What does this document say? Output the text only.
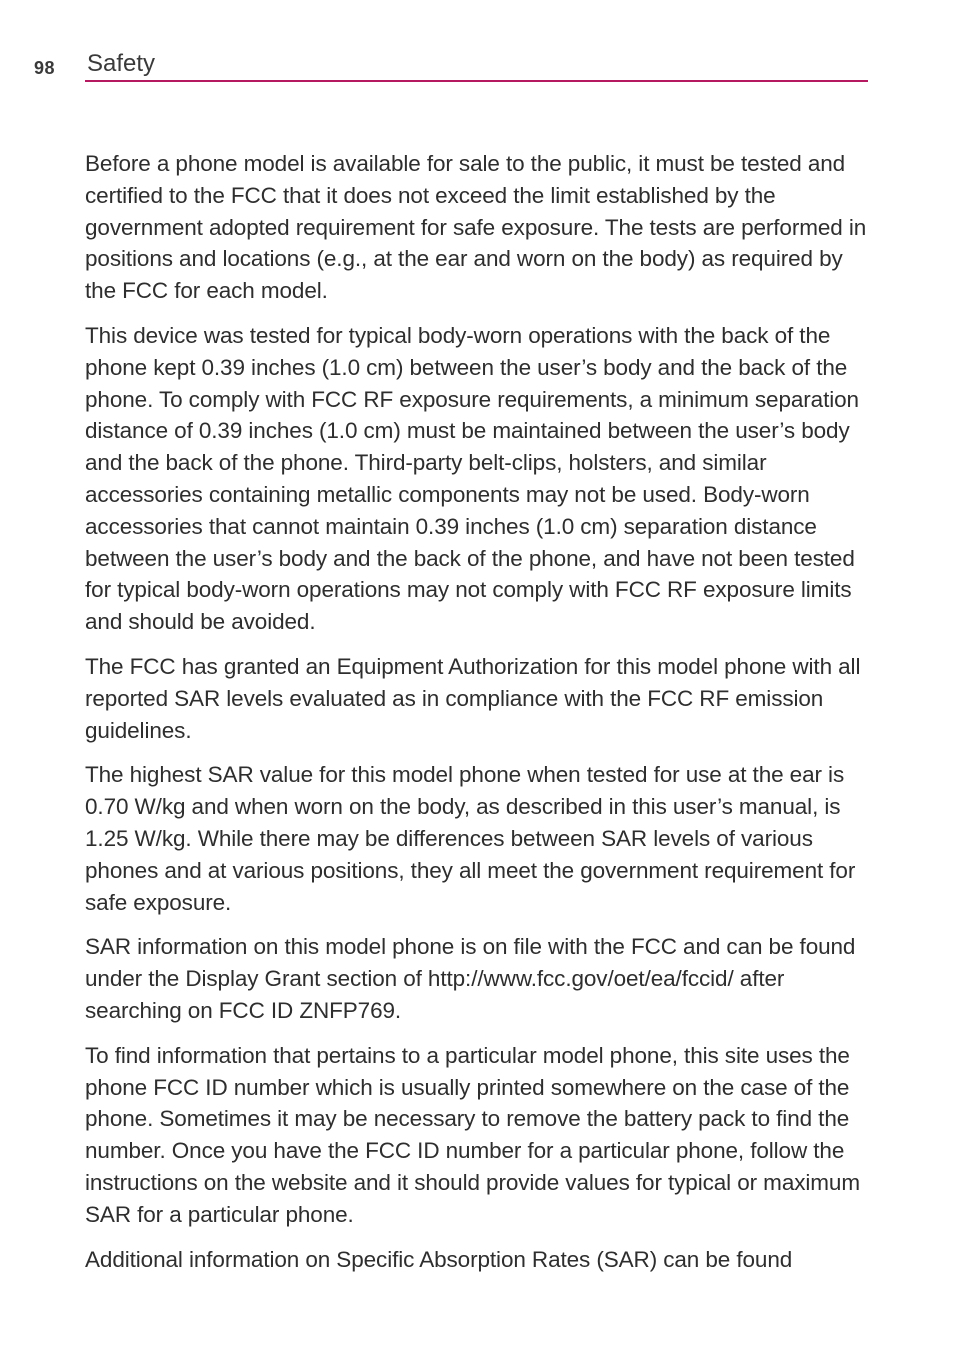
98 Safety

Before a phone model is available for sale to the public, it must be tested and certified to the FCC that it does not exceed the limit established by the government adopted requirement for safe exposure. The tests are performed in positions and locations (e.g., at the ear and worn on the body) as required by the FCC for each model.

This device was tested for typical body-worn operations with the back of the phone kept 0.39 inches (1.0 cm) between the user’s body and the back of the phone. To comply with FCC RF exposure requirements, a minimum separation distance of 0.39 inches (1.0 cm) must be maintained between the user’s body and the back of the phone. Third-party belt-clips, holsters, and similar accessories containing metallic components may not be used. Body-worn accessories that cannot maintain 0.39 inches (1.0 cm) separation distance between the user’s body and the back of the phone, and have not been tested for typical body-worn operations may not comply with FCC RF exposure limits and should be avoided.

The FCC has granted an Equipment Authorization for this model phone with all reported SAR levels evaluated as in compliance with the FCC RF emission guidelines.

The highest SAR value for this model phone when tested for use at the ear is 0.70 W/kg and when worn on the body, as described in this user’s manual, is 1.25 W/kg. While there may be differences between SAR levels of various phones and at various positions, they all meet the government requirement for safe exposure.

SAR information on this model phone is on file with the FCC and can be found under the Display Grant section of http://www.fcc.gov/oet/ea/fccid/ after searching on FCC ID ZNFP769.

To find information that pertains to a particular model phone, this site uses the phone FCC ID number which is usually printed somewhere on the case of the phone. Sometimes it may be necessary to remove the battery pack to find the number. Once you have the FCC ID number for a particular phone, follow the instructions on the website and it should provide values for typical or maximum SAR for a particular phone.

Additional information on Specific Absorption Rates (SAR) can be found
